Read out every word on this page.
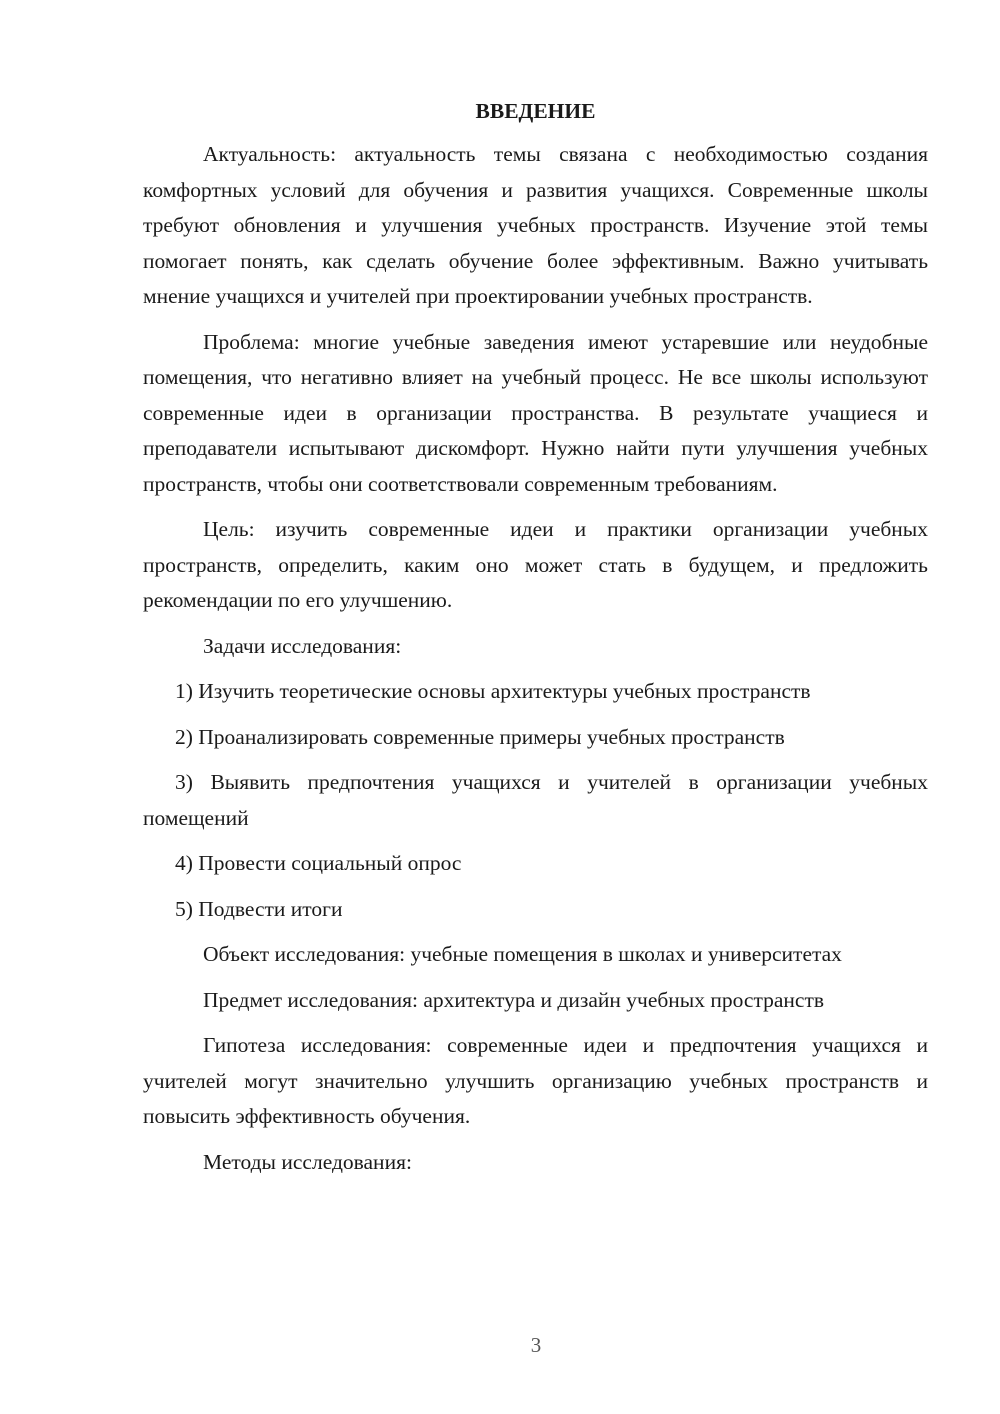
ВВЕДЕНИЕ

Актуальность: актуальность темы связана с необходимостью создания комфортных условий для обучения и развития учащихся. Современные школы требуют обновления и улучшения учебных пространств. Изучение этой темы помогает понять, как сделать обучение более эффективным. Важно учитывать мнение учащихся и учителей при проектировании учебных пространств.

Проблема: многие учебные заведения имеют устаревшие или неудобные помещения, что негативно влияет на учебный процесс. Не все школы используют современные идеи в организации пространства. В результате учащиеся и преподаватели испытывают дискомфорт. Нужно найти пути улучшения учебных пространств, чтобы они соответствовали современным требованиям.

Цель: изучить современные идеи и практики организации учебных пространств, определить, каким оно может стать в будущем, и предложить рекомендации по его улучшению.

Задачи исследования:

1) Изучить теоретические основы архитектуры учебных пространств
2) Проанализировать современные примеры учебных пространств
3) Выявить предпочтения учащихся и учителей в организации учебных помещений
4) Провести социальный опрос
5) Подвести итоги

Объект исследования: учебные помещения в школах и университетах

Предмет исследования: архитектура и дизайн учебных пространств

Гипотеза исследования: современные идеи и предпочтения учащихся и учителей могут значительно улучшить организацию учебных пространств и повысить эффективность обучения.

Методы исследования:

3
